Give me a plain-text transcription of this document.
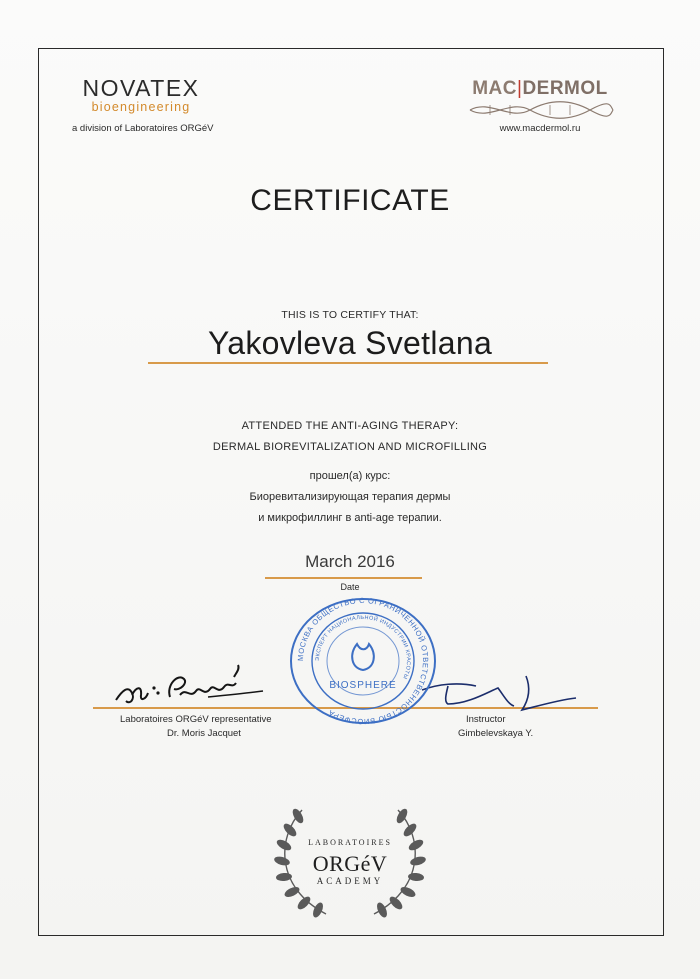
NOVATEX
bioengineering
a division of Laboratoires ORGéV
MAC|DERMOL
www.macdermol.ru
CERTIFICATE
THIS IS TO CERTIFY THAT:
Yakovleva Svetlana
ATTENDED THE ANTI-AGING THERAPY:
DERMAL BIOREVITALIZATION AND MICROFILLING
прошел(а) курс:
Биоревитализирующая терапия дермы
и микрофиллинг в anti-age терапии.
March 2016
Date
МОСКВА ОБЩЕСТВО С ОГРАНИЧЕННОЙ ОТВЕТСТВЕННОСТЬЮ БИОСФЕРА
ЭКСПЕРТ НАЦИОНАЛЬНОЙ ИНДУСТРИИ КРАСОТЫ
BIOSPHERE
Laboratoires ORGéV representative
Dr. Moris Jacquet
Instructor
Gimbelevskaya Y.
LABORATOIRES
ORGéV
ACADEMY
